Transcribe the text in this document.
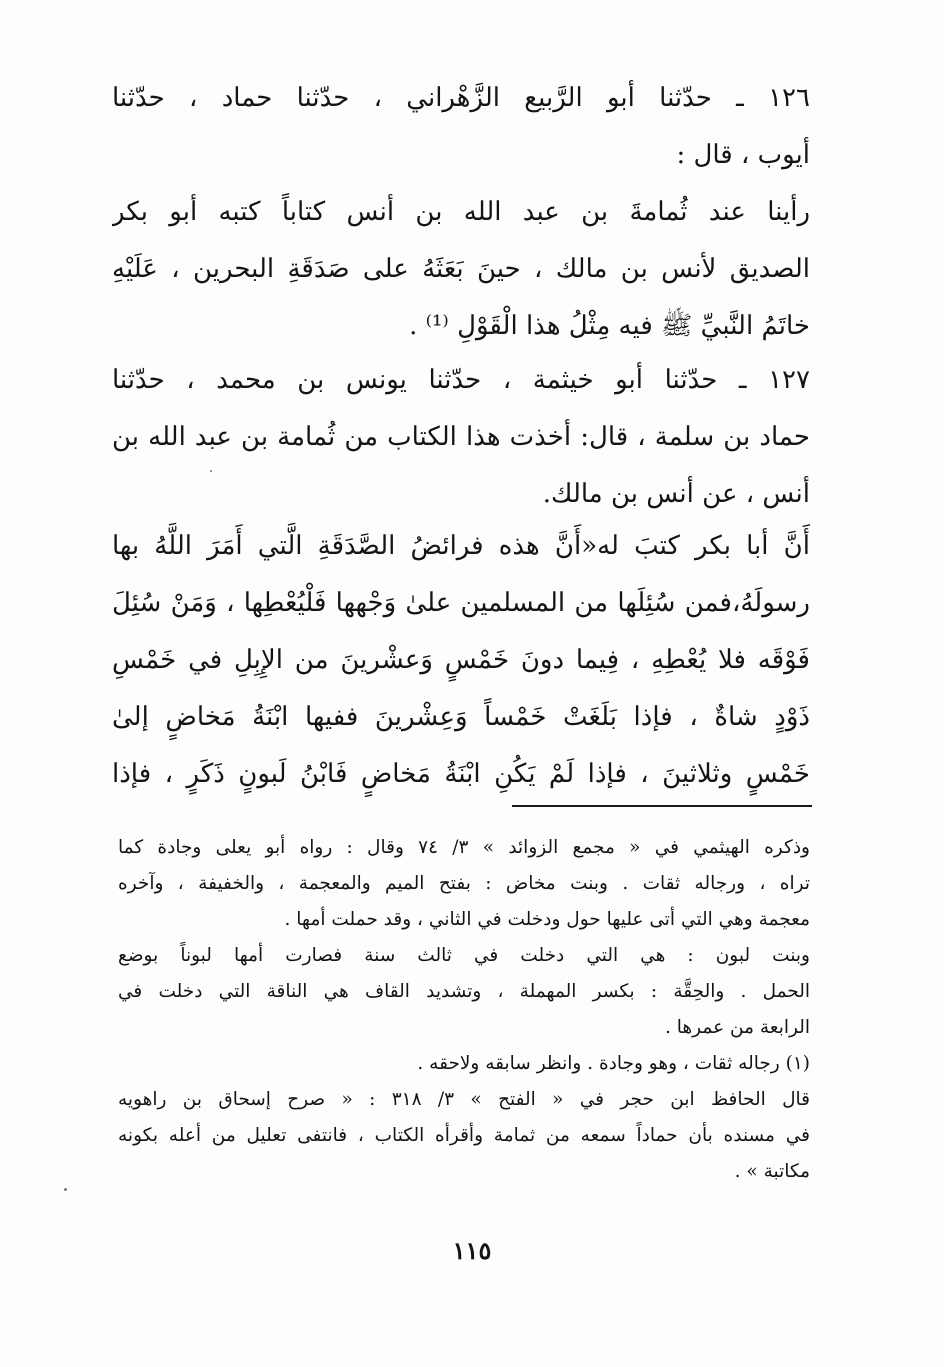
١٢٦ ـ حدّثنا أبو الرَّبيع الزَّهْراني ، حدّثنا حماد ، حدّثنا
أيوب ، قال :
رأينا عند ثُمامةَ بن عبد الله بن أنس كتاباً كتبه أبو بكر
الصديق لأنس بن مالك ، حينَ بَعَثَهُ على صَدَقَةِ البحرين ، عَلَيْهِ
خاتَمُ النَّبيِّ ﷺ فيه مِثْلُ هذا الْقَوْلِ ⁽¹⁾ .
١٢٧ ـ حدّثنا أبو خيثمة ، حدّثنا يونس بن محمد ، حدّثنا
حماد بن سلمة ، قال: أخذت هذا الكتاب من ثُمامة بن عبد الله بن
أنس ، عن أنس بن مالك.
أَنَّ أبا بكر كتبَ له«أَنَّ هذه فرائضُ الصَّدَقَةِ الَّتي أَمَرَ اللَّهُ بها
رسولَهُ،فمن سُئِلَها من المسلمين علىٰ وَجْهها فَلْيُعْطِها ، وَمَنْ سُئِلَ
فَوْقَه فلا يُعْطِهِ ، فِيما دونَ خَمْسٍ وَعشْرينَ من الإِبِلِ في خَمْسِ
ذَوْدٍ شاةٌ ، فإذا بَلَغَتْ خَمْساً وَعِشْرينَ ففيها ابْنَةُ مَخاضٍ إلىٰ
خَمْسٍ وثلاثينَ ، فإذا لَمْ يَكُنِ ابْنَةُ مَخاضٍ فَابْنُ لَبونٍ ذَكَرٍ ، فإذا
وذكره الهيثمي في « مجمع الزوائد » ٣/ ٧٤ وقال : رواه أبو يعلى وجادة كما
تراه ، ورجاله ثقات . وبنت مخاض : بفتح الميم والمعجمة ، والخفيفة ، وآخره
معجمة وهي التي أتى عليها حول ودخلت في الثاني ، وقد حملت أمها .
وبنت لبون : هي التي دخلت في ثالث سنة فصارت أمها لبوناً بوضع
الحمل . والحِقَّة : بكسر المهملة ، وتشديد القاف هي الناقة التي دخلت في
الرابعة من عمرها .
(١) رجاله ثقات ، وهو وجادة . وانظر سابقه ولاحقه .
قال الحافظ ابن حجر في « الفتح » ٣/ ٣١٨ : « صرح إسحاق بن راهويه
في مسنده بأن حماداً سمعه من ثمامة وأقرأه الكتاب ، فانتفى تعليل من أعله بكونه
مكاتبة » .
١١٥
